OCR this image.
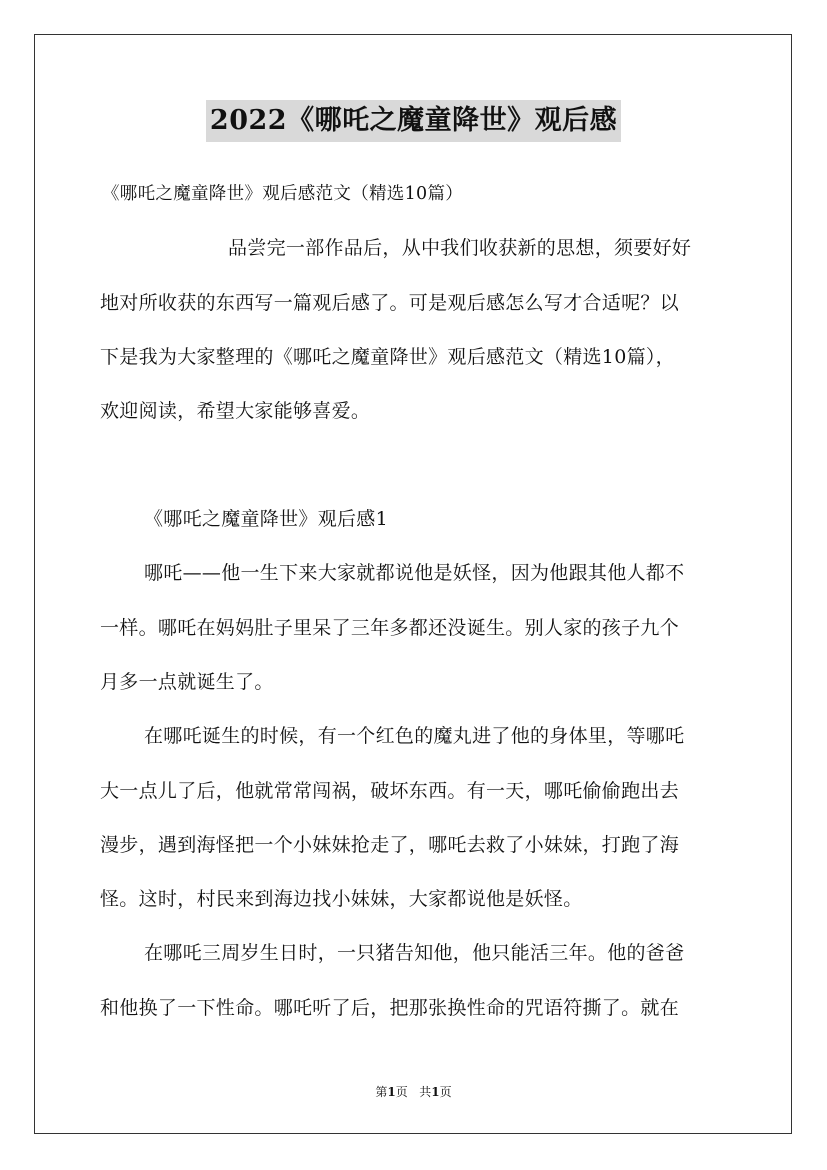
2022《哪吒之魔童降世》观后感
《哪吒之魔童降世》观后感范文（精选10篇）
品尝完一部作品后，从中我们收获新的思想，须要好好
地对所收获的东西写一篇观后感了。可是观后感怎么写才合适呢？以
下是我为大家整理的《哪吒之魔童降世》观后感范文（精选10篇），
欢迎阅读，希望大家能够喜爱。
《哪吒之魔童降世》观后感1
哪吒——他一生下来大家就都说他是妖怪，因为他跟其他人都不
一样。哪吒在妈妈肚子里呆了三年多都还没诞生。别人家的孩子九个
月多一点就诞生了。
在哪吒诞生的时候，有一个红色的魔丸进了他的身体里，等哪吒
大一点儿了后，他就常常闯祸，破坏东西。有一天，哪吒偷偷跑出去
漫步，遇到海怪把一个小妹妹抢走了，哪吒去救了小妹妹，打跑了海
怪。这时，村民来到海边找小妹妹，大家都说他是妖怪。
在哪吒三周岁生日时，一只猪告知他，他只能活三年。他的爸爸
和他换了一下性命。哪吒听了后，把那张换性命的咒语符撕了。就在
第1页 共1页
